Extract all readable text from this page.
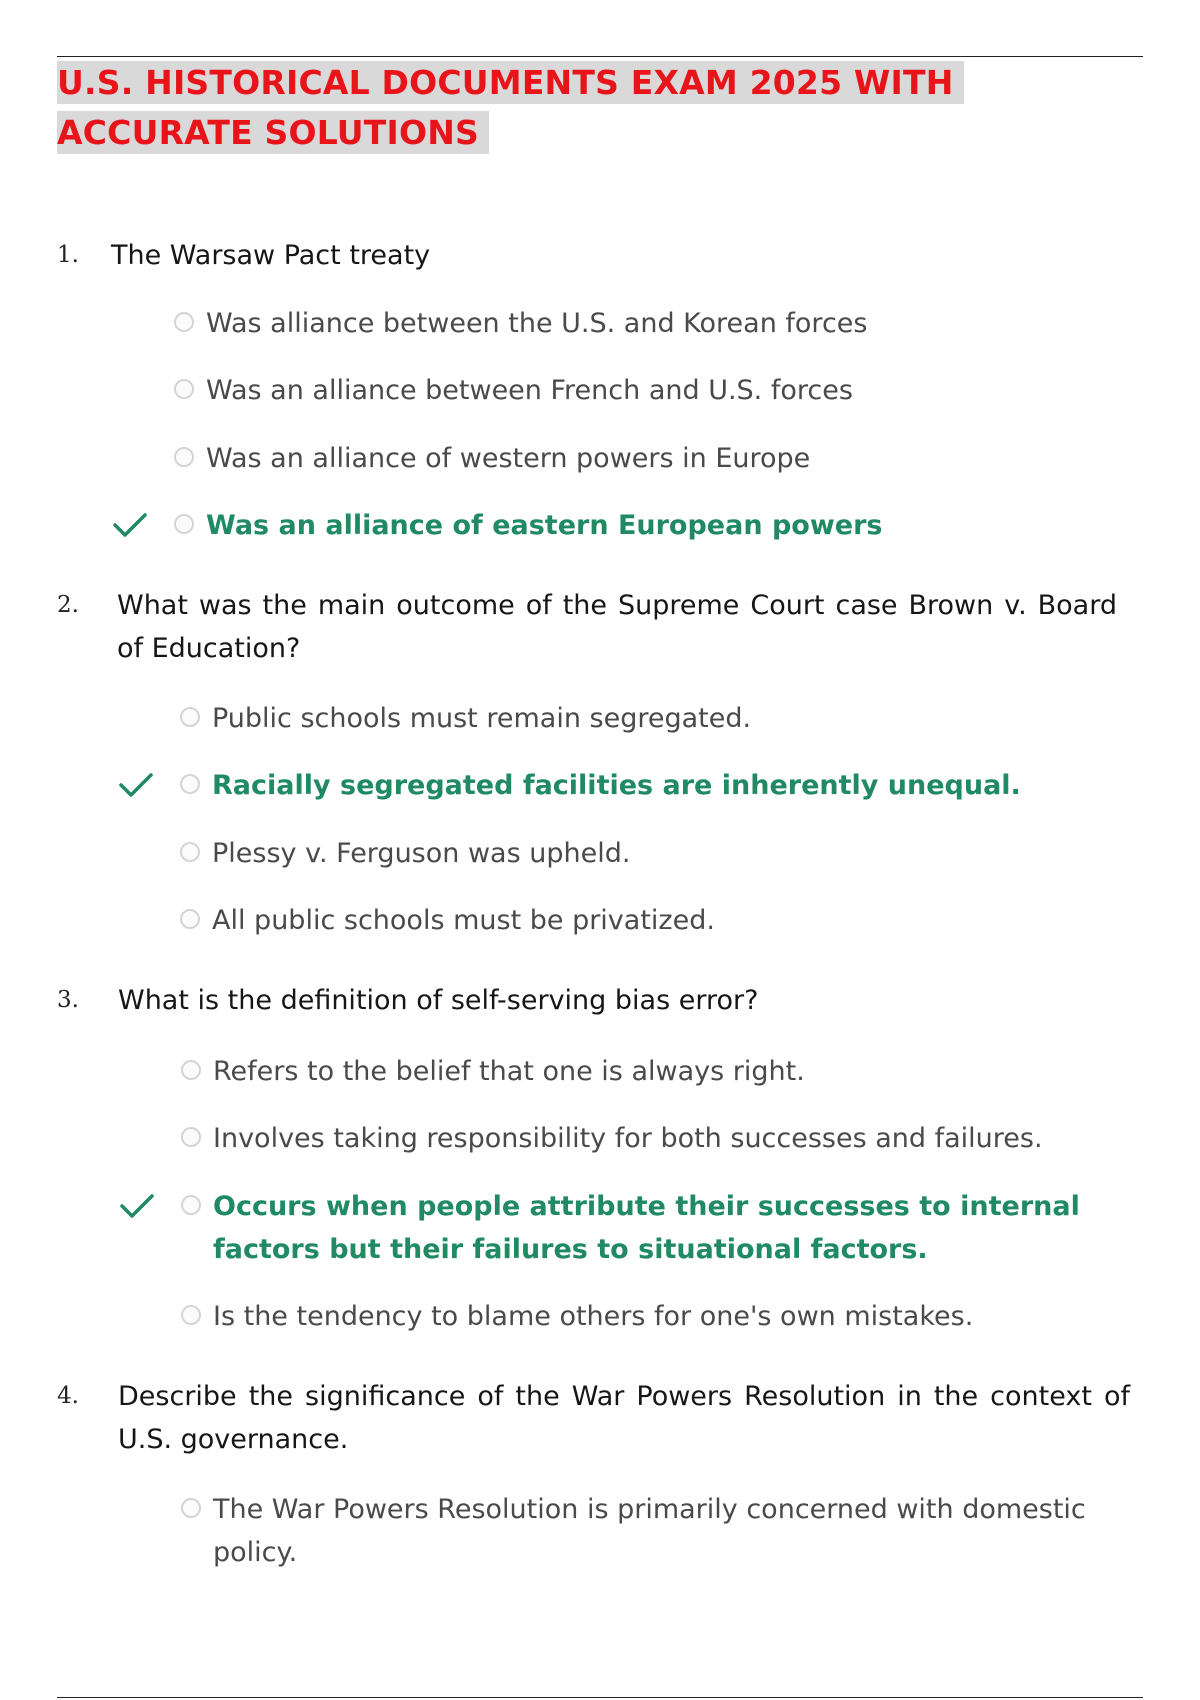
U.S. HISTORICAL DOCUMENTS EXAM 2025 WITH ACCURATE SOLUTIONS
1. The Warsaw Pact treaty

Was alliance between the U.S. and Korean forces
Was an alliance between French and U.S. forces
Was an alliance of western powers in Europe
Was an alliance of eastern European powers
2. What was the main outcome of the Supreme Court case Brown v. Board of Education?

Public schools must remain segregated.
Racially segregated facilities are inherently unequal.
Plessy v. Ferguson was upheld.
All public schools must be privatized.
3. What is the definition of self-serving bias error?

Refers to the belief that one is always right.
Involves taking responsibility for both successes and failures.
Occurs when people attribute their successes to internal factors but their failures to situational factors.
Is the tendency to blame others for one's own mistakes.
4. Describe the significance of the War Powers Resolution in the context of U.S. governance.

The War Powers Resolution is primarily concerned with domestic policy.
